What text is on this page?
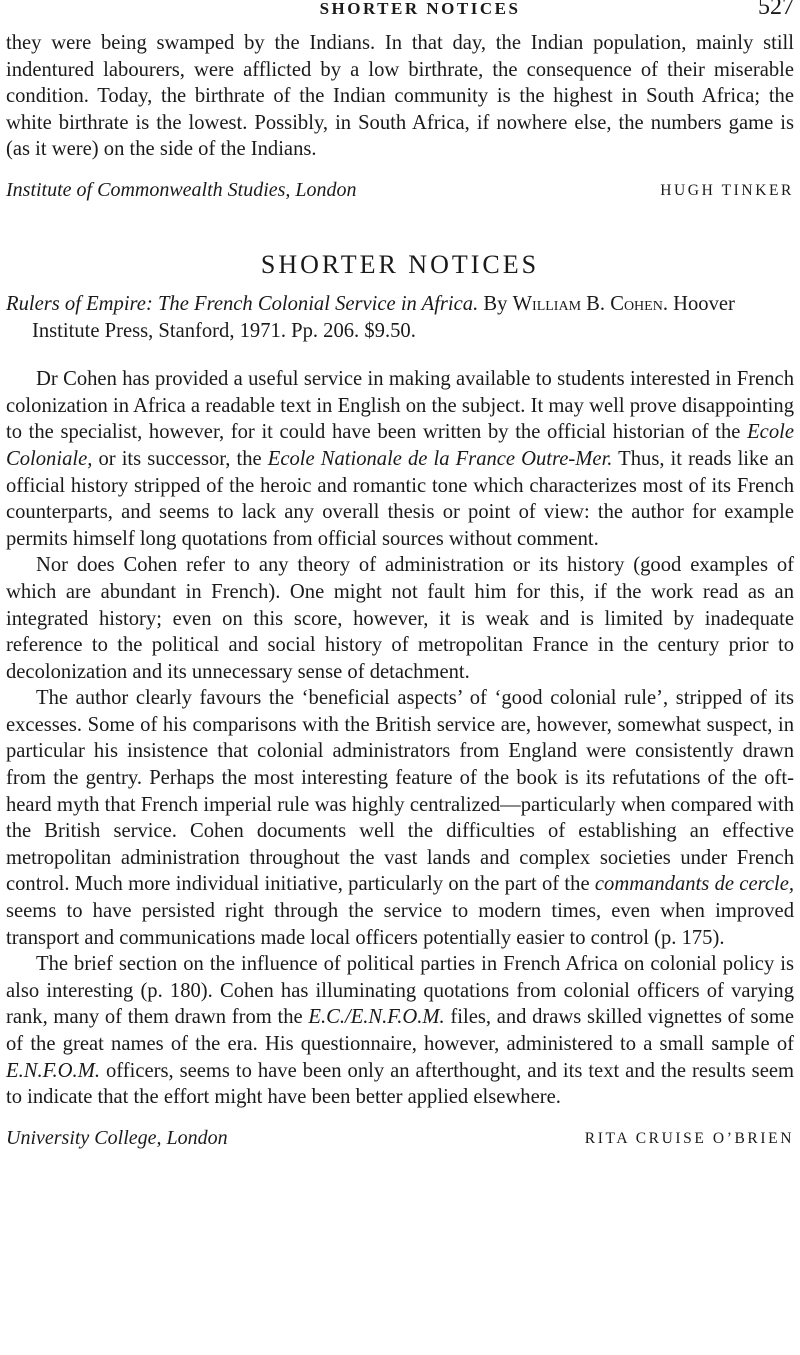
SHORTER NOTICES	527

they were being swamped by the Indians. In that day, the Indian population, mainly still indentured labourers, were afflicted by a low birthrate, the consequence of their miserable condition. Today, the birthrate of the Indian community is the highest in South Africa; the white birthrate is the lowest. Possibly, in South Africa, if nowhere else, the numbers game is (as it were) on the side of the Indians.

Institute of Commonwealth Studies, London	HUGH TINKER
SHORTER NOTICES

Rulers of Empire: The French Colonial Service in Africa. By William B. Cohen. Hoover Institute Press, Stanford, 1971. Pp. 206. $9.50.

Dr Cohen has provided a useful service in making available to students interested in French colonization in Africa a readable text in English on the subject. It may well prove disappointing to the specialist, however, for it could have been written by the official historian of the Ecole Coloniale, or its successor, the Ecole Nationale de la France Outre-Mer. Thus, it reads like an official history stripped of the heroic and romantic tone which characterizes most of its French counterparts, and seems to lack any overall thesis or point of view: the author for example permits himself long quotations from official sources without comment.

Nor does Cohen refer to any theory of administration or its history (good examples of which are abundant in French). One might not fault him for this, if the work read as an integrated history; even on this score, however, it is weak and is limited by inadequate reference to the political and social history of metropolitan France in the century prior to decolonization and its unnecessary sense of detachment.

The author clearly favours the ‘beneficial aspects’ of ‘good colonial rule’, stripped of its excesses. Some of his comparisons with the British service are, however, somewhat suspect, in particular his insistence that colonial administrators from England were consistently drawn from the gentry. Perhaps the most interesting feature of the book is its refutations of the oft-heard myth that French imperial rule was highly centralized—particularly when compared with the British service. Cohen documents well the difficulties of establishing an effective metropolitan administration throughout the vast lands and complex societies under French control. Much more individual initiative, particularly on the part of the commandants de cercle, seems to have persisted right through the service to modern times, even when improved transport and communications made local officers potentially easier to control (p. 175).

The brief section on the influence of political parties in French Africa on colonial policy is also interesting (p. 180). Cohen has illuminating quotations from colonial officers of varying rank, many of them drawn from the E.C./E.N.F.O.M. files, and draws skilled vignettes of some of the great names of the era. His questionnaire, however, administered to a small sample of E.N.F.O.M. officers, seems to have been only an afterthought, and its text and the results seem to indicate that the effort might have been better applied elsewhere.

University College, London	RITA CRUISE O’BRIEN
